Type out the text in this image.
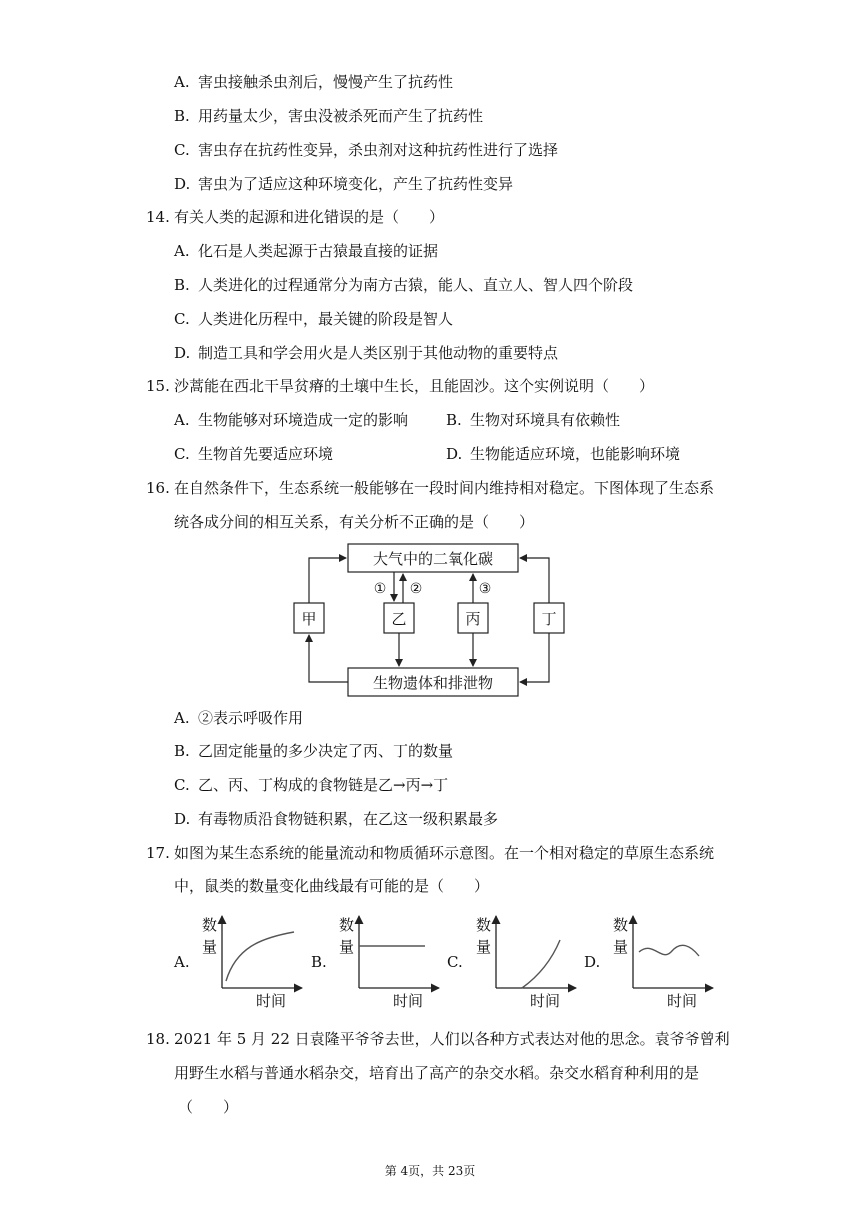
A. 害虫接触杀虫剂后，慢慢产生了抗药性
B. 用药量太少，害虫没被杀死而产生了抗药性
C. 害虫存在抗药性变异，杀虫剂对这种抗药性进行了选择
D. 害虫为了适应这种环境变化，产生了抗药性变异
14. 有关人类的起源和进化错误的是（　　）
A. 化石是人类起源于古猿最直接的证据
B. 人类进化的过程通常分为南方古猿，能人、直立人、智人四个阶段
C. 人类进化历程中，最关键的阶段是智人
D. 制造工具和学会用火是人类区别于其他动物的重要特点
15. 沙蒿能在西北干旱贫瘠的土壤中生长，且能固沙。这个实例说明（　　）
A. 生物能够对环境造成一定的影响	B. 生物对环境具有依赖性
C. 生物首先要适应环境	D. 生物能适应环境，也能影响环境
16. 在自然条件下，生态系统一般能够在一段时间内维持相对稳定。下图体现了生态系
统各成分间的相互关系，有关分析不正确的是（　　）
大气中的二氧化碳
生物遗体和排泄物
甲	乙	丙	丁
① ②	③
A. ②表示呼吸作用
B. 乙固定能量的多少决定了丙、丁的数量
C. 乙、丙、丁构成的食物链是乙→丙→丁
D. 有毒物质沿食物链积累，在乙这一级积累最多
17. 如图为某生态系统的能量流动和物质循环示意图。在一个相对稳定的草原生态系统
中，鼠类的数量变化曲线最有可能的是（　　）
A.	B.	C.	D.
数
量
时间
数
量
时间
数
量
时间
数
量
时间
18. 2021 年 5 月 22 日袁隆平爷爷去世，人们以各种方式表达对他的思念。袁爷爷曾利
用野生水稻与普通水稻杂交，培育出了高产的杂交水稻。杂交水稻育种利用的是
（　　）
第 4页，共 23页
